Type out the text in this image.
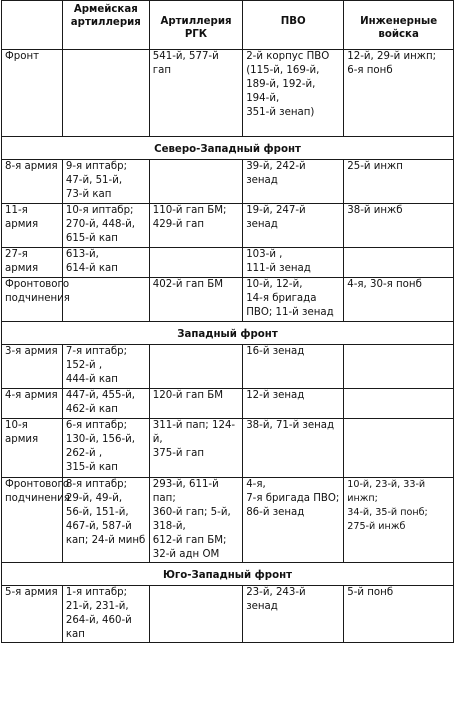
	Армейская
артиллерия	Артиллерия РГК	ПВО	Инженерные войска
Фронт		541-й, 577-й гап	2-й корпус ПВО
(115-й, 169-й,
189-й, 192-й,
194-й,
351-й зенап)	12-й, 29-й инжп;
6-я понб
Северо-Западный фронт				
8-я армия	9-я иптабр;
47-й, 51-й,
73-й кап		39-й, 242-й зенад	25-й инжп
11-я армия	10-я иптабр;
270-й, 448-й,
615-й кап	110-й гап БМ;
429-й гап	19-й, 247-й зенад	38-й инжб
27-я армия	613-й,
614-й кап		103-й ,
111-й зенад	
Фронтового
подчинения		402-й гап БМ	10-й, 12-й,
14-я бригада
ПВО; 11-й зенад	4-я, 30-я понб
Западный фронт				
3-я армия	7-я иптабр;
152-й ,
444-й кап		16-й зенад	
4-я армия	447-й, 455-й,
462-й кап	120-й гап БМ	12-й зенад	
10-я армия	6-я иптабр;
130-й, 156-й,
262-й ,
315-й кап	311-й пап; 124-й,
375-й гап	38-й, 71-й зенад	
Фронтового
подчинения	8-я иптабр;
29-й, 49-й,
56-й, 151-й,
467-й, 587-й
кап; 24-й минб	293-й, 611-й пап;
360-й гап; 5-й,
318-й,
612-й гап БМ;
32-й адн ОМ	4-я,
7-я бригада ПВО;
86-й зенад	10-й, 23-й, 33-й инжп;
34-й, 35-й понб;
275-й инжб
Юго-Западный фронт				
5-я армия	1-я иптабр;
21-й, 231-й,
264-й, 460-й кап		23-й, 243-й зенад	5-й понб
